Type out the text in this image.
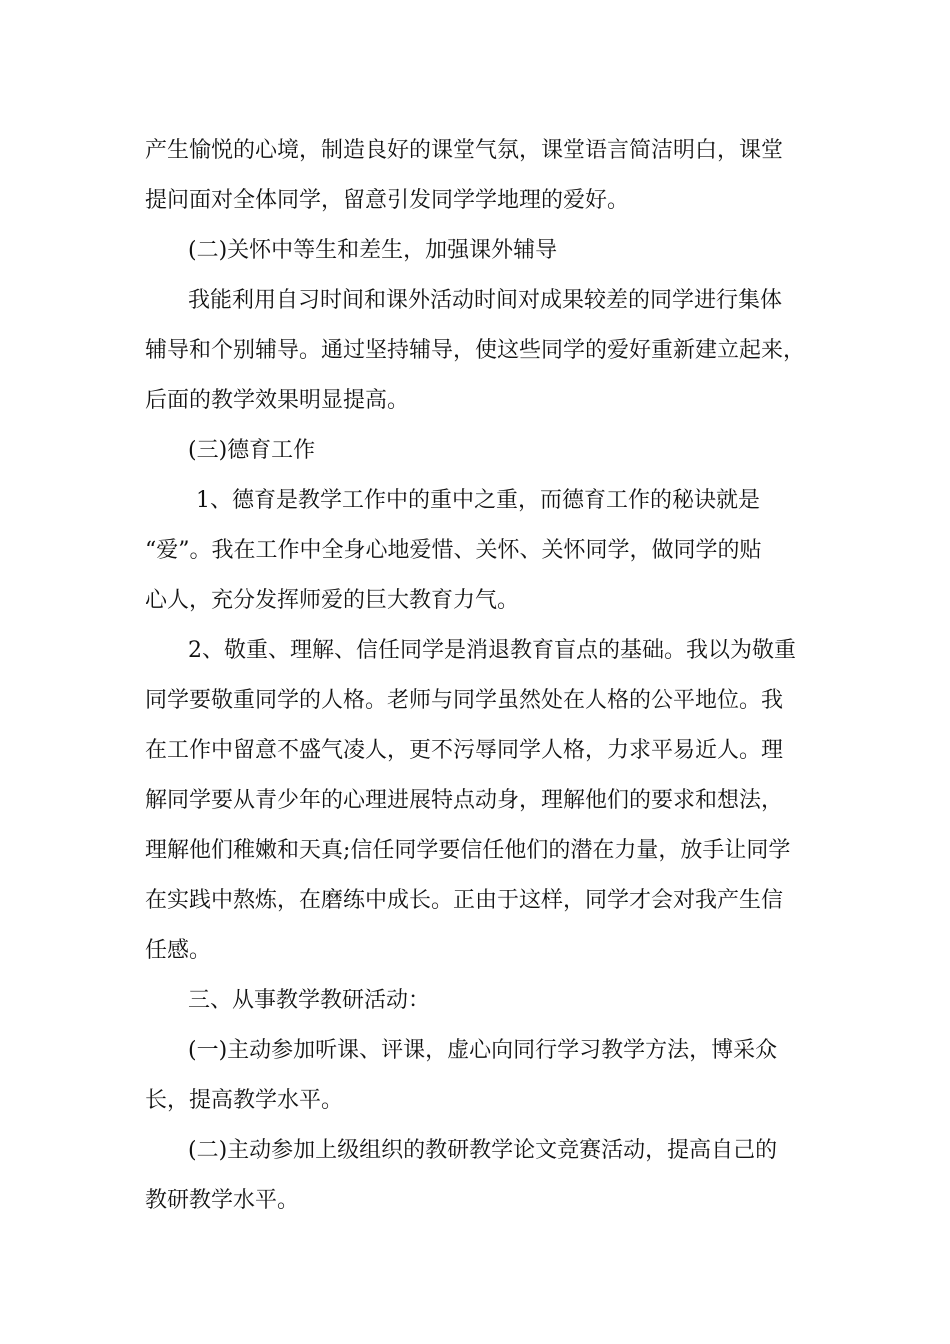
产生愉悦的心境，制造良好的课堂气氛，课堂语言简洁明白，课堂
提问面对全体同学，留意引发同学学地理的爱好。
(二)关怀中等生和差生，加强课外辅导
我能利用自习时间和课外活动时间对成果较差的同学进行集体
辅导和个别辅导。通过坚持辅导，使这些同学的爱好重新建立起来，
后面的教学效果明显提高。
(三)德育工作
1、德育是教学工作中的重中之重，而德育工作的秘诀就是
“爱”。我在工作中全身心地爱惜、关怀、关怀同学，做同学的贴
心人，充分发挥师爱的巨大教育力气。
2、敬重、理解、信任同学是消退教育盲点的基础。我以为敬重
同学要敬重同学的人格。老师与同学虽然处在人格的公平地位。我
在工作中留意不盛气凌人，更不污辱同学人格，力求平易近人。理
解同学要从青少年的心理进展特点动身，理解他们的要求和想法，
理解他们稚嫩和天真;信任同学要信任他们的潜在力量，放手让同学
在实践中熬炼，在磨练中成长。正由于这样，同学才会对我产生信
任感。
三、从事教学教研活动：
(一)主动参加听课、评课，虚心向同行学习教学方法，博采众
长，提高教学水平。
(二)主动参加上级组织的教研教学论文竞赛活动，提高自己的
教研教学水平。
